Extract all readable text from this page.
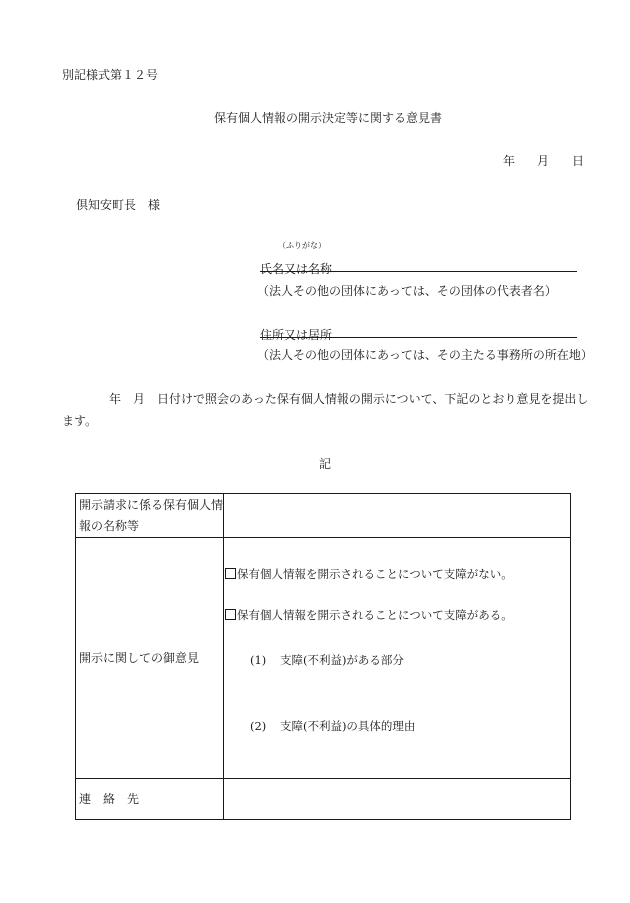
別記様式第１２号
保有個人情報の開示決定等に関する意見書
年 月 日
倶知安町長　様
（ふりがな）
氏名又は名称
（法人その他の団体にあっては、その団体の代表者名）
住所又は居所
（法人その他の団体にあっては、その主たる事務所の所在地）
年　月　日付けで照会のあった保有個人情報の開示について、下記のとおり意見を提出し
ます。
記
開示請求に係る保有個人情
報の名称等	

開示に関しての御意見	保有個人情報を開示されることについて支障がない。
保有個人情報を開示されることについて支障がある。
(1) 支障(不利益)がある部分
(2) 支障(不利益)の具体的理由

連　絡　先	
